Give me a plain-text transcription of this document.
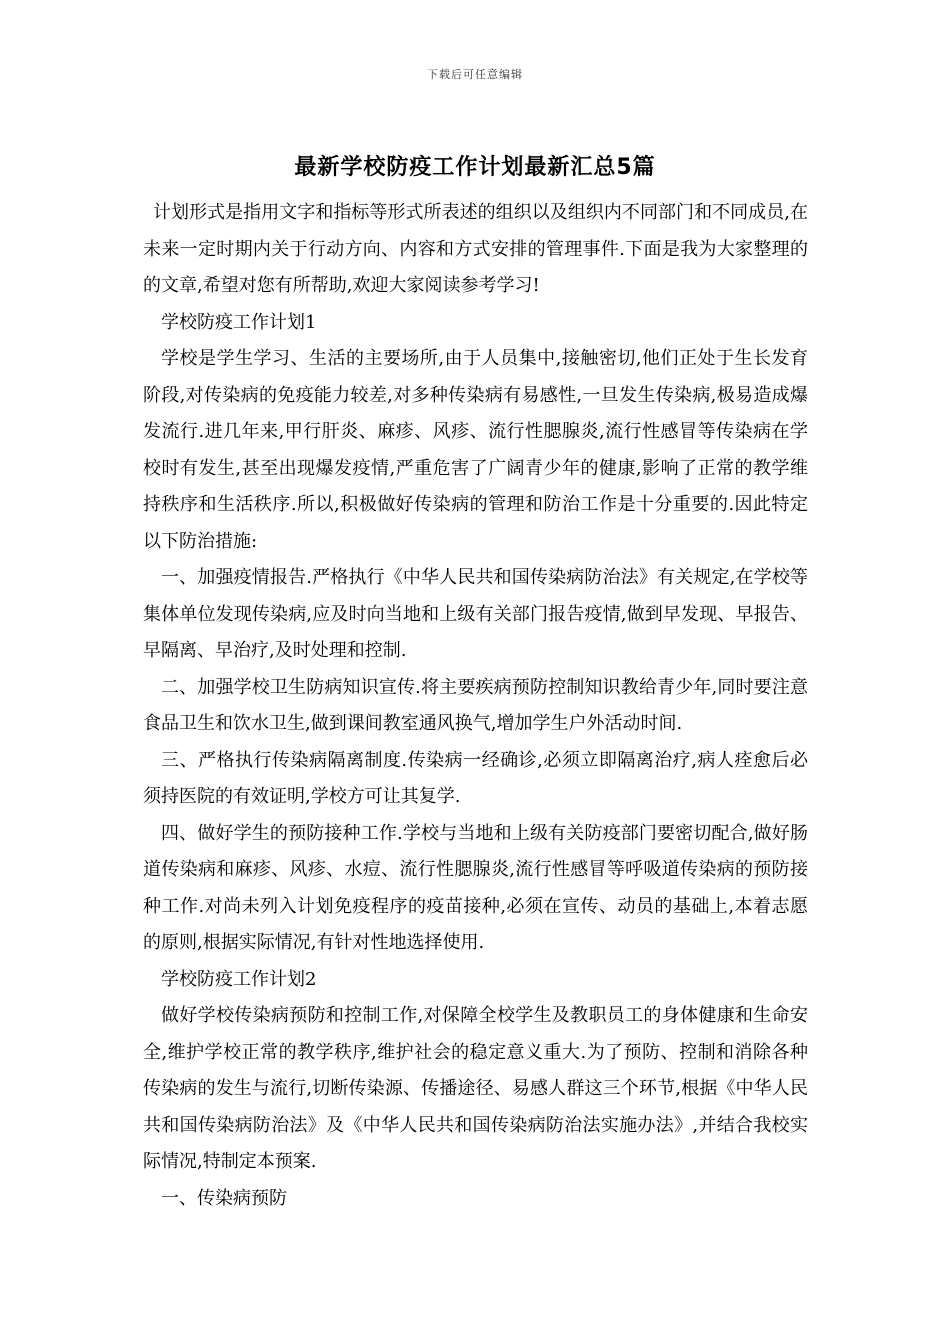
下载后可任意编辑
最新学校防疫工作计划最新汇总5篇

计划形式是指用文字和指标等形式所表述的组织以及组织内不同部门和不同成员,在未来一定时期内关于行动方向、内容和方式安排的管理事件.下面是我为大家整理的的文章,希望对您有所帮助,欢迎大家阅读参考学习!

学校防疫工作计划1

学校是学生学习、生活的主要场所,由于人员集中,接触密切,他们正处于生长发育阶段,对传染病的免疫能力较差,对多种传染病有易感性,一旦发生传染病,极易造成爆发流行.进几年来,甲行肝炎、麻疹、风疹、流行性腮腺炎,流行性感冒等传染病在学校时有发生,甚至出现爆发疫情,严重危害了广阔青少年的健康,影响了正常的教学维持秩序和生活秩序.所以,积极做好传染病的管理和防治工作是十分重要的.因此特定以下防治措施:

一、加强疫情报告.严格执行《中华人民共和国传染病防治法》有关规定,在学校等集体单位发现传染病,应及时向当地和上级有关部门报告疫情,做到早发现、早报告、早隔离、早治疗,及时处理和控制.

二、加强学校卫生防病知识宣传.将主要疾病预防控制知识教给青少年,同时要注意食品卫生和饮水卫生,做到课间教室通风换气,增加学生户外活动时间.

三、严格执行传染病隔离制度.传染病一经确诊,必须立即隔离治疗,病人痊愈后必须持医院的有效证明,学校方可让其复学.

四、做好学生的预防接种工作.学校与当地和上级有关防疫部门要密切配合,做好肠道传染病和麻疹、风疹、水痘、流行性腮腺炎,流行性感冒等呼吸道传染病的预防接种工作.对尚未列入计划免疫程序的疫苗接种,必须在宣传、动员的基础上,本着志愿的原则,根据实际情况,有针对性地选择使用.

学校防疫工作计划2

做好学校传染病预防和控制工作,对保障全校学生及教职员工的身体健康和生命安全,维护学校正常的教学秩序,维护社会的稳定意义重大.为了预防、控制和消除各种传染病的发生与流行,切断传染源、传播途径、易感人群这三个环节,根据《中华人民共和国传染病防治法》及《中华人民共和国传染病防治法实施办法》,并结合我校实际情况,特制定本预案.

一、传染病预防
